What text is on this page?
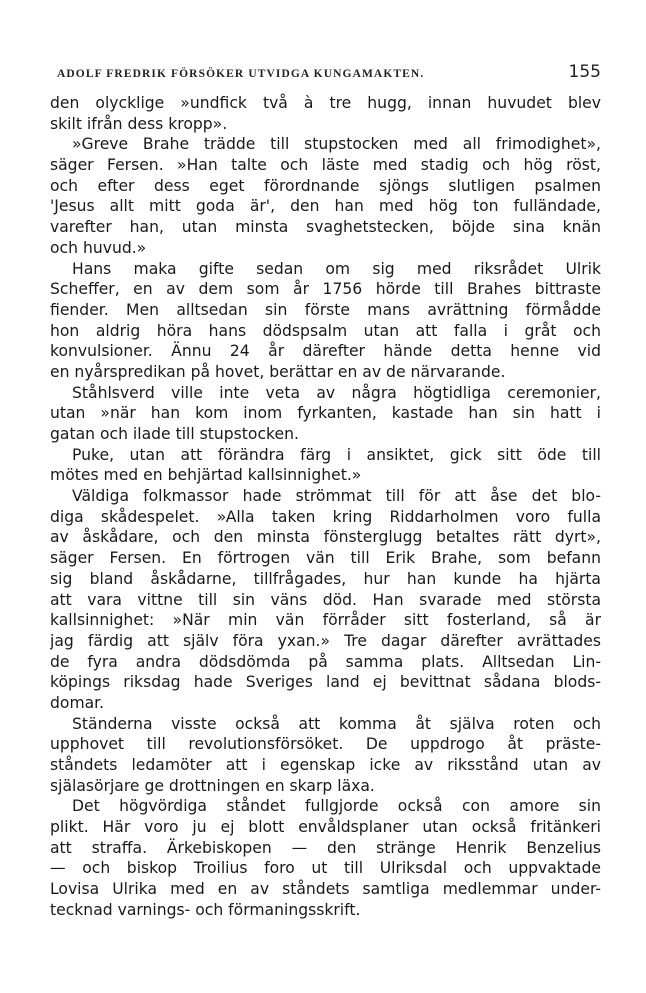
ADOLF FREDRIK FÖRSÖKER UTVIDGA KUNGAMAKTEN.	155
den olycklige »undfick två à tre hugg, innan huvudet blev
skilt ifrån dess kropp».
»Greve Brahe trädde till stupstocken med all frimodighet»,
säger Fersen. »Han talte och läste med stadig och hög röst,
och efter dess eget förordnande sjöngs slutligen psalmen
'Jesus allt mitt goda är', den han med hög ton fulländade,
varefter han, utan minsta svaghetstecken, böjde sina knän
och huvud.»
Hans maka gifte sedan om sig med riksrådet Ulrik
Scheffer, en av dem som år 1756 hörde till Brahes bittraste
fiender. Men alltsedan sin förste mans avrättning förmådde
hon aldrig höra hans dödspsalm utan att falla i gråt och
konvulsioner. Ännu 24 år därefter hände detta henne vid
en nyårspredikan på hovet, berättar en av de närvarande.
Ståhlsverd ville inte veta av några högtidliga ceremonier,
utan »när han kom inom fyrkanten, kastade han sin hatt i
gatan och ilade till stupstocken.
Puke, utan att förändra färg i ansiktet, gick sitt öde till
mötes med en behjärtad kallsinnighet.»
Väldiga folkmassor hade strömmat till för att åse det blo-
diga skådespelet. »Alla taken kring Riddarholmen voro fulla
av åskådare, och den minsta fönsterglugg betaltes rätt dyrt»,
säger Fersen. En förtrogen vän till Erik Brahe, som befann
sig bland åskådarne, tillfrågades, hur han kunde ha hjärta
att vara vittne till sin väns död. Han svarade med största
kallsinnighet: »När min vän förråder sitt fosterland, så är
jag färdig att själv föra yxan.» Tre dagar därefter avrättades
de fyra andra dödsdömda på samma plats. Alltsedan Lin-
köpings riksdag hade Sveriges land ej bevittnat sådana blods-
domar.
Ständerna visste också att komma åt själva roten och
upphovet till revolutionsförsöket. De uppdrogo åt präste-
ståndets ledamöter att i egenskap icke av riksstånd utan av
själasörjare ge drottningen en skarp läxa.
Det högvördiga ståndet fullgjorde också con amore sin
plikt. Här voro ju ej blott envåldsplaner utan också fritänkeri
att straffa. Ärkebiskopen — den stränge Henrik Benzelius
— och biskop Troilius foro ut till Ulriksdal och uppvaktade
Lovisa Ulrika med en av ståndets samtliga medlemmar under-
tecknad varnings- och förmaningsskrift.
